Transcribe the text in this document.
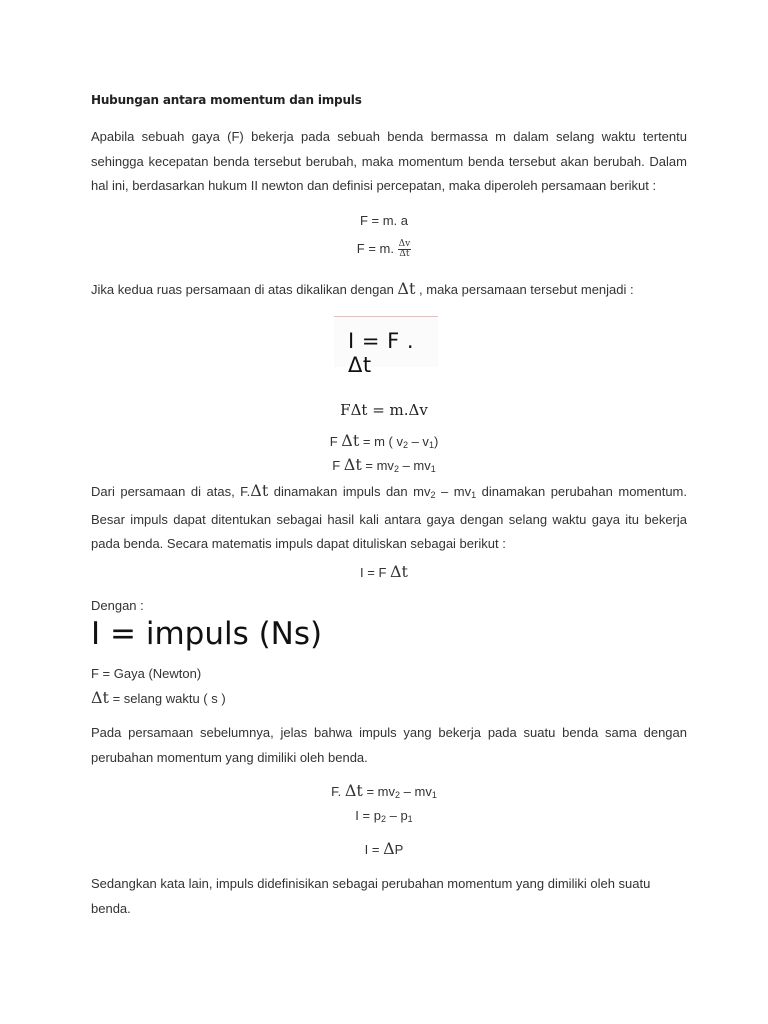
Hubungan antara momentum dan impuls
Apabila sebuah gaya (F) bekerja pada sebuah benda bermassa m dalam selang waktu tertentu sehingga kecepatan benda tersebut berubah, maka momentum benda tersebut akan berubah. Dalam hal ini, berdasarkan hukum II newton dan definisi percepatan, maka diperoleh persamaan berikut :
F = m. a
F = m. $\frac{\Delta v}{\Delta t}$
Jika kedua ruas persamaan di atas dikalikan dengan Δt , maka persamaan tersebut menjadi :
I = F . Δt
FΔt = m.Δv
F Δt = m ( $v_2 - v_1$)
F $\Delta t = mv_2 - mv_1$
Dari persamaan di atas, F.Δt dinamakan impuls dan $mv_2 - mv_1$ dinamakan perubahan momentum. Besar impuls dapat ditentukan sebagai hasil kali antara gaya dengan selang waktu gaya itu bekerja pada benda. Secara matematis impuls dapat dituliskan sebagai berikut :
I = F Δt
Dengan :
I = impuls (Ns)
F = Gaya (Newton)
Δt = selang waktu ( s )
Pada persamaan sebelumnya, jelas bahwa impuls yang bekerja pada suatu benda sama dengan perubahan momentum yang dimiliki oleh benda.
F. $\Delta t = mv_2 - mv_1$
$I = p_2 - p_1$
I = ΔP
Sedangkan kata lain, impuls didefinisikan sebagai perubahan momentum yang dimiliki oleh suatu benda.
